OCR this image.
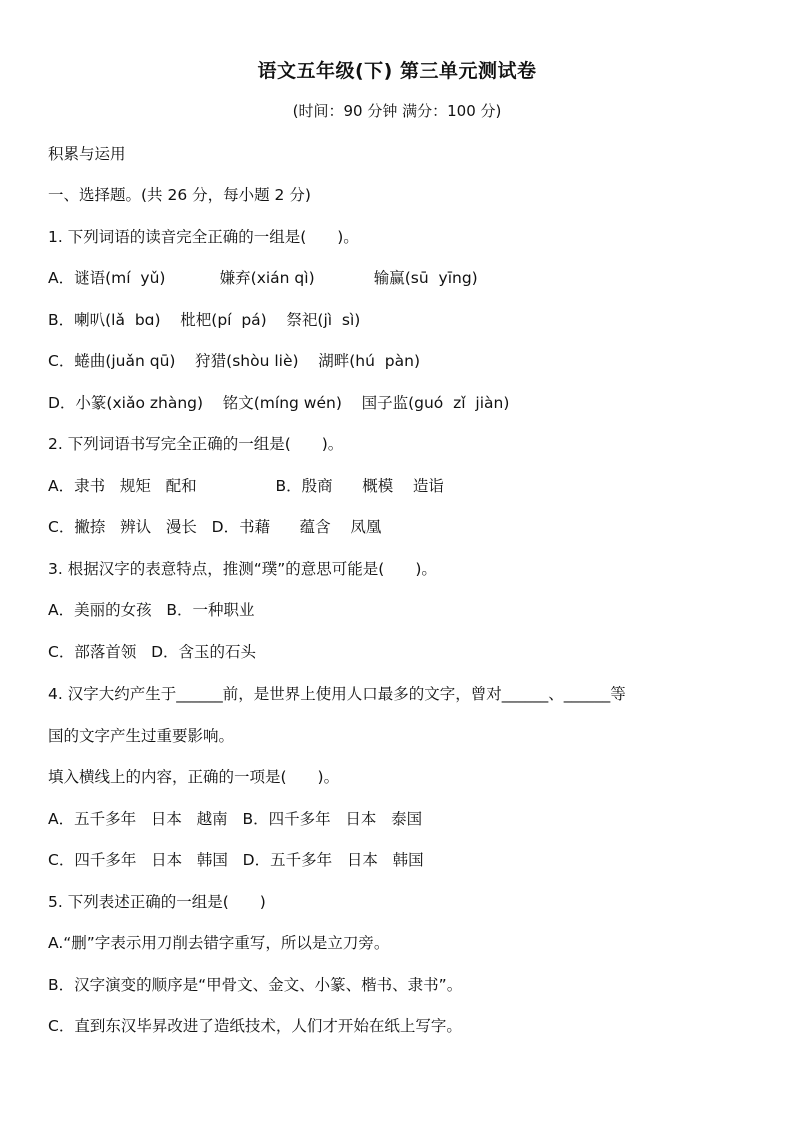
语文五年级(下) 第三单元测试卷
(时间：90 分钟 满分：100 分)
积累与运用
一、选择题。(共 26 分，每小题 2 分)
1. 下列词语的读音完全正确的一组是(　　)。
A．谜语(mí  yǔ)           嫌弃(xián qì)            输赢(sū  yīng)
B．喇叭(lǎ  bɑ)    枇杷(pí  pá)    祭祀(jì  sì)
C．蜷曲(juǎn qū)    狩猎(shòu liè)    湖畔(hú  pàn)
D．小篆(xiǎo zhàng)    铭文(míng wén)    国子监(guó  zǐ  jiàn)
2. 下列词语书写完全正确的一组是(　　)。
A．隶书   规矩   配和                B．殷商      概模    造诣
C．撇捺   辨认   漫长   D．书藉      蕴含    凤凰
3. 根据汉字的表意特点，推测“璞”的意思可能是(　　)。
A．美丽的女孩   B．一种职业
C．部落首领   D．含玉的石头
4. 汉字大约产生于______前，是世界上使用人口最多的文字，曾对______、______等
国的文字产生过重要影响。
填入横线上的内容，正确的一项是(　　)。
A．五千多年   日本   越南   B．四千多年   日本   泰国
C．四千多年   日本   韩国   D．五千多年   日本   韩国
5. 下列表述正确的一组是(　　)
A.“删”字表示用刀削去错字重写，所以是立刀旁。
B．汉字演变的顺序是“甲骨文、金文、小篆、楷书、隶书”。
C．直到东汉毕昇改进了造纸技术，人们才开始在纸上写字。
